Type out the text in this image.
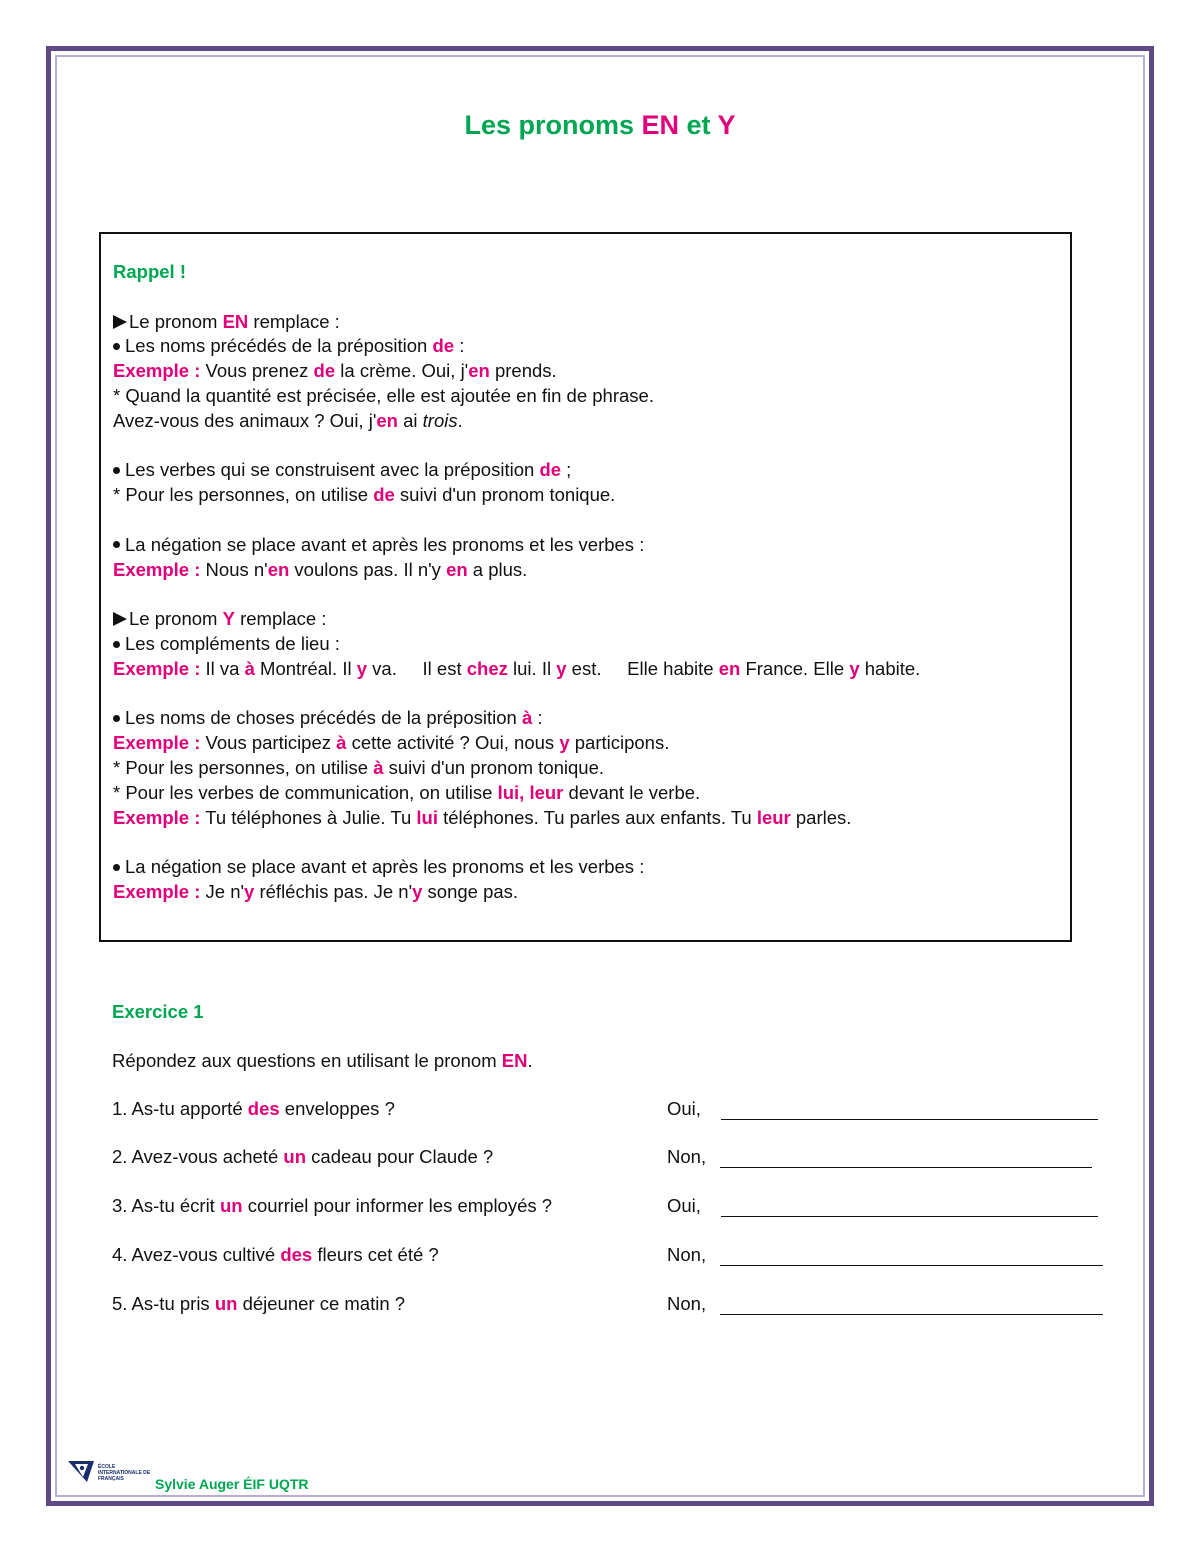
Les pronoms EN et Y

Rappel !

Le pronom EN remplace :

Les noms précédés de la préposition de :

Exemple : Vous prenez de la crème. Oui, j'en prends.

* Quand la quantité est précisée, elle est ajoutée en fin de phrase.

Avez-vous des animaux ? Oui, j'en ai trois.

Les verbes qui se construisent avec la préposition de ;

* Pour les personnes, on utilise de suivi d'un pronom tonique.

La négation se place avant et après les pronoms et les verbes :

Exemple : Nous n'en voulons pas. Il n'y en a plus.

Le pronom Y remplace :

Les compléments de lieu :

Exemple : Il va à Montréal. Il y va.     Il est chez lui. Il y est.     Elle habite en France. Elle y habite.

Les noms de choses précédés de la préposition à :

Exemple : Vous participez à cette activité ? Oui, nous y participons.

* Pour les personnes, on utilise à suivi d'un pronom tonique.

* Pour les verbes de communication, on utilise lui, leur devant le verbe.

Exemple : Tu téléphones à Julie. Tu lui téléphones. Tu parles aux enfants. Tu leur parles.

La négation se place avant et après les pronoms et les verbes :

Exemple : Je n'y réfléchis pas. Je n'y songe pas.

Exercice 1
Répondez aux questions en utilisant le pronom EN.
1. As-tu apporté des enveloppes ?	Oui,
2. Avez-vous acheté un cadeau pour Claude ?	Non,
3. As-tu écrit un courriel pour informer les employés ?	Oui,
4. Avez-vous cultivé des fleurs cet été ?	Non,
5. As-tu pris un déjeuner ce matin ?	Non,
ÉCOLE INTERNATIONALE DE FRANÇAIS	Sylvie Auger ÉIF UQTR
